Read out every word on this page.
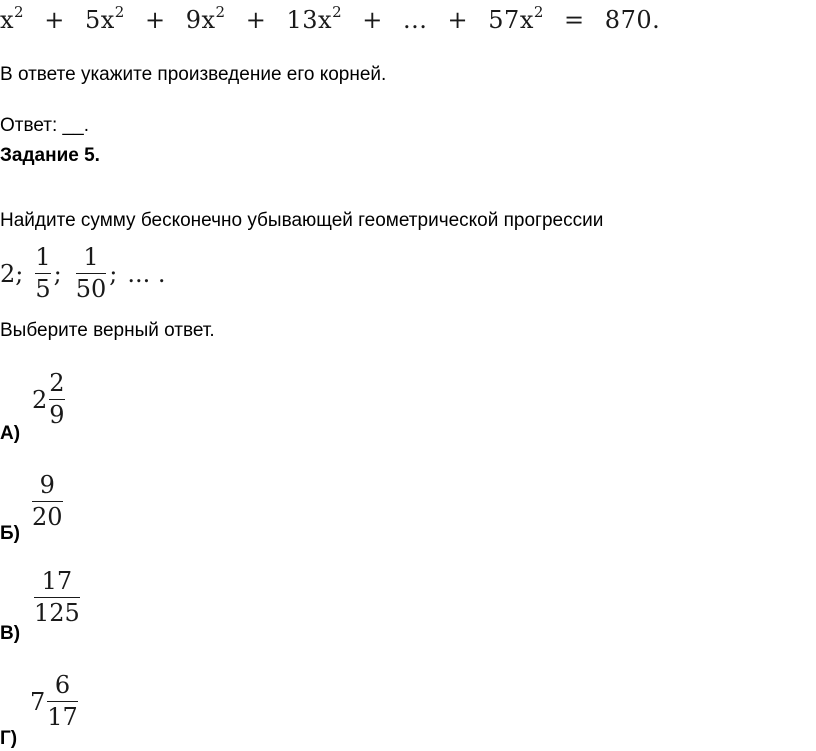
$x^2 + 5x^2 + 9x^2 + 13x^2$ + ... + $57x^2 = 870$.
В ответе укажите произведение его корней.
Ответ: __.
Задание 5.
Найдите сумму бесконечно убывающей геометрической прогрессии
2; $\frac{1}{5}$ ; $\frac{1}{50}$ ; ... .
Выберите верный ответ.
А)
$2 \frac{2}{9}$
Б)
$\frac{9}{20}$
В)
$\frac{17}{125}$
Г)
$7 \frac{6}{17}$
